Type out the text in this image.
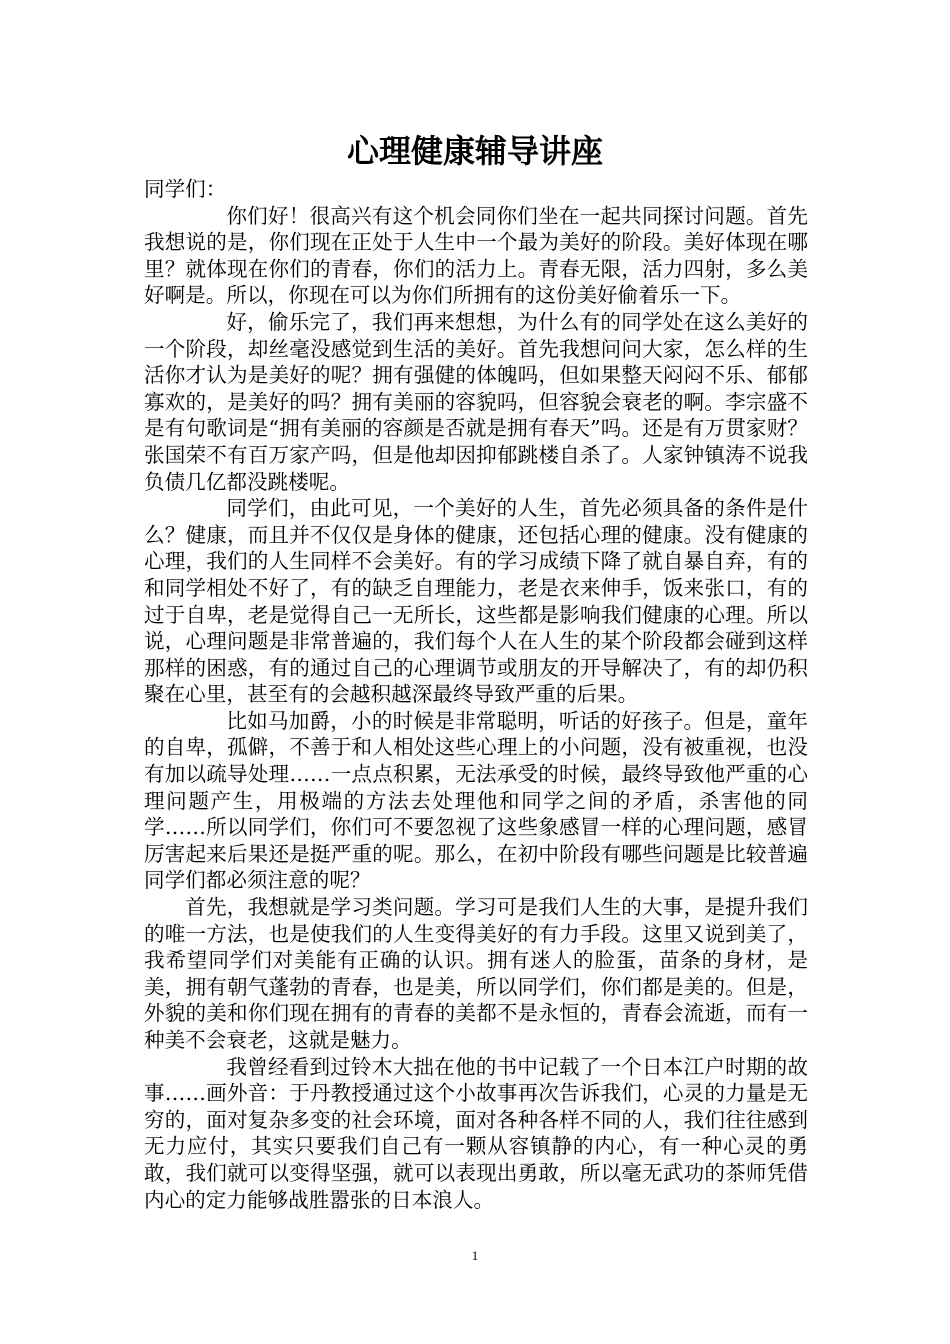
心理健康辅导讲座

同学们：

你们好！很高兴有这个机会同你们坐在一起共同探讨问题。首先我想说的是，你们现在正处于人生中一个最为美好的阶段。美好体现在哪里？就体现在你们的青春，你们的活力上。青春无限，活力四射，多么美好啊是。所以，你现在可以为你们所拥有的这份美好偷着乐一下。

好，偷乐完了，我们再来想想，为什么有的同学处在这么美好的一个阶段，却丝毫没感觉到生活的美好。首先我想问问大家，怎么样的生活你才认为是美好的呢？拥有强健的体魄吗，但如果整天闷闷不乐、郁郁寡欢的，是美好的吗？拥有美丽的容貌吗，但容貌会衰老的啊。李宗盛不是有句歌词是“拥有美丽的容颜是否就是拥有春天”吗。还是有万贯家财？张国荣不有百万家产吗，但是他却因抑郁跳楼自杀了。人家钟镇涛不说我负债几亿都没跳楼呢。

同学们，由此可见，一个美好的人生，首先必须具备的条件是什么？健康，而且并不仅仅是身体的健康，还包括心理的健康。没有健康的心理，我们的人生同样不会美好。有的学习成绩下降了就自暴自弃，有的和同学相处不好了，有的缺乏自理能力，老是衣来伸手，饭来张口，有的过于自卑，老是觉得自己一无所长，这些都是影响我们健康的心理。所以说，心理问题是非常普遍的，我们每个人在人生的某个阶段都会碰到这样那样的困惑，有的通过自己的心理调节或朋友的开导解决了，有的却仍积聚在心里，甚至有的会越积越深最终导致严重的后果。

比如马加爵，小的时候是非常聪明，听话的好孩子。但是，童年的自卑，孤僻，不善于和人相处这些心理上的小问题，没有被重视，也没有加以疏导处理……一点点积累，无法承受的时候，最终导致他严重的心理问题产生，用极端的方法去处理他和同学之间的矛盾，杀害他的同学……所以同学们，你们可不要忽视了这些象感冒一样的心理问题，感冒厉害起来后果还是挺严重的呢。那么，在初中阶段有哪些问题是比较普遍同学们都必须注意的呢？

首先，我想就是学习类问题。学习可是我们人生的大事，是提升我们的唯一方法，也是使我们的人生变得美好的有力手段。这里又说到美了，我希望同学们对美能有正确的认识。拥有迷人的脸蛋，苗条的身材，是美，拥有朝气蓬勃的青春，也是美，所以同学们，你们都是美的。但是，外貌的美和你们现在拥有的青春的美都不是永恒的，青春会流逝，而有一种美不会衰老，这就是魅力。

我曾经看到过铃木大拙在他的书中记载了一个日本江户时期的故事……画外音：于丹教授通过这个小故事再次告诉我们，心灵的力量是无穷的，面对复杂多变的社会环境，面对各种各样不同的人，我们往往感到无力应付，其实只要我们自己有一颗从容镇静的内心，有一种心灵的勇敢，我们就可以变得坚强，就可以表现出勇敢，所以毫无武功的茶师凭借内心的定力能够战胜嚣张的日本浪人。

1
